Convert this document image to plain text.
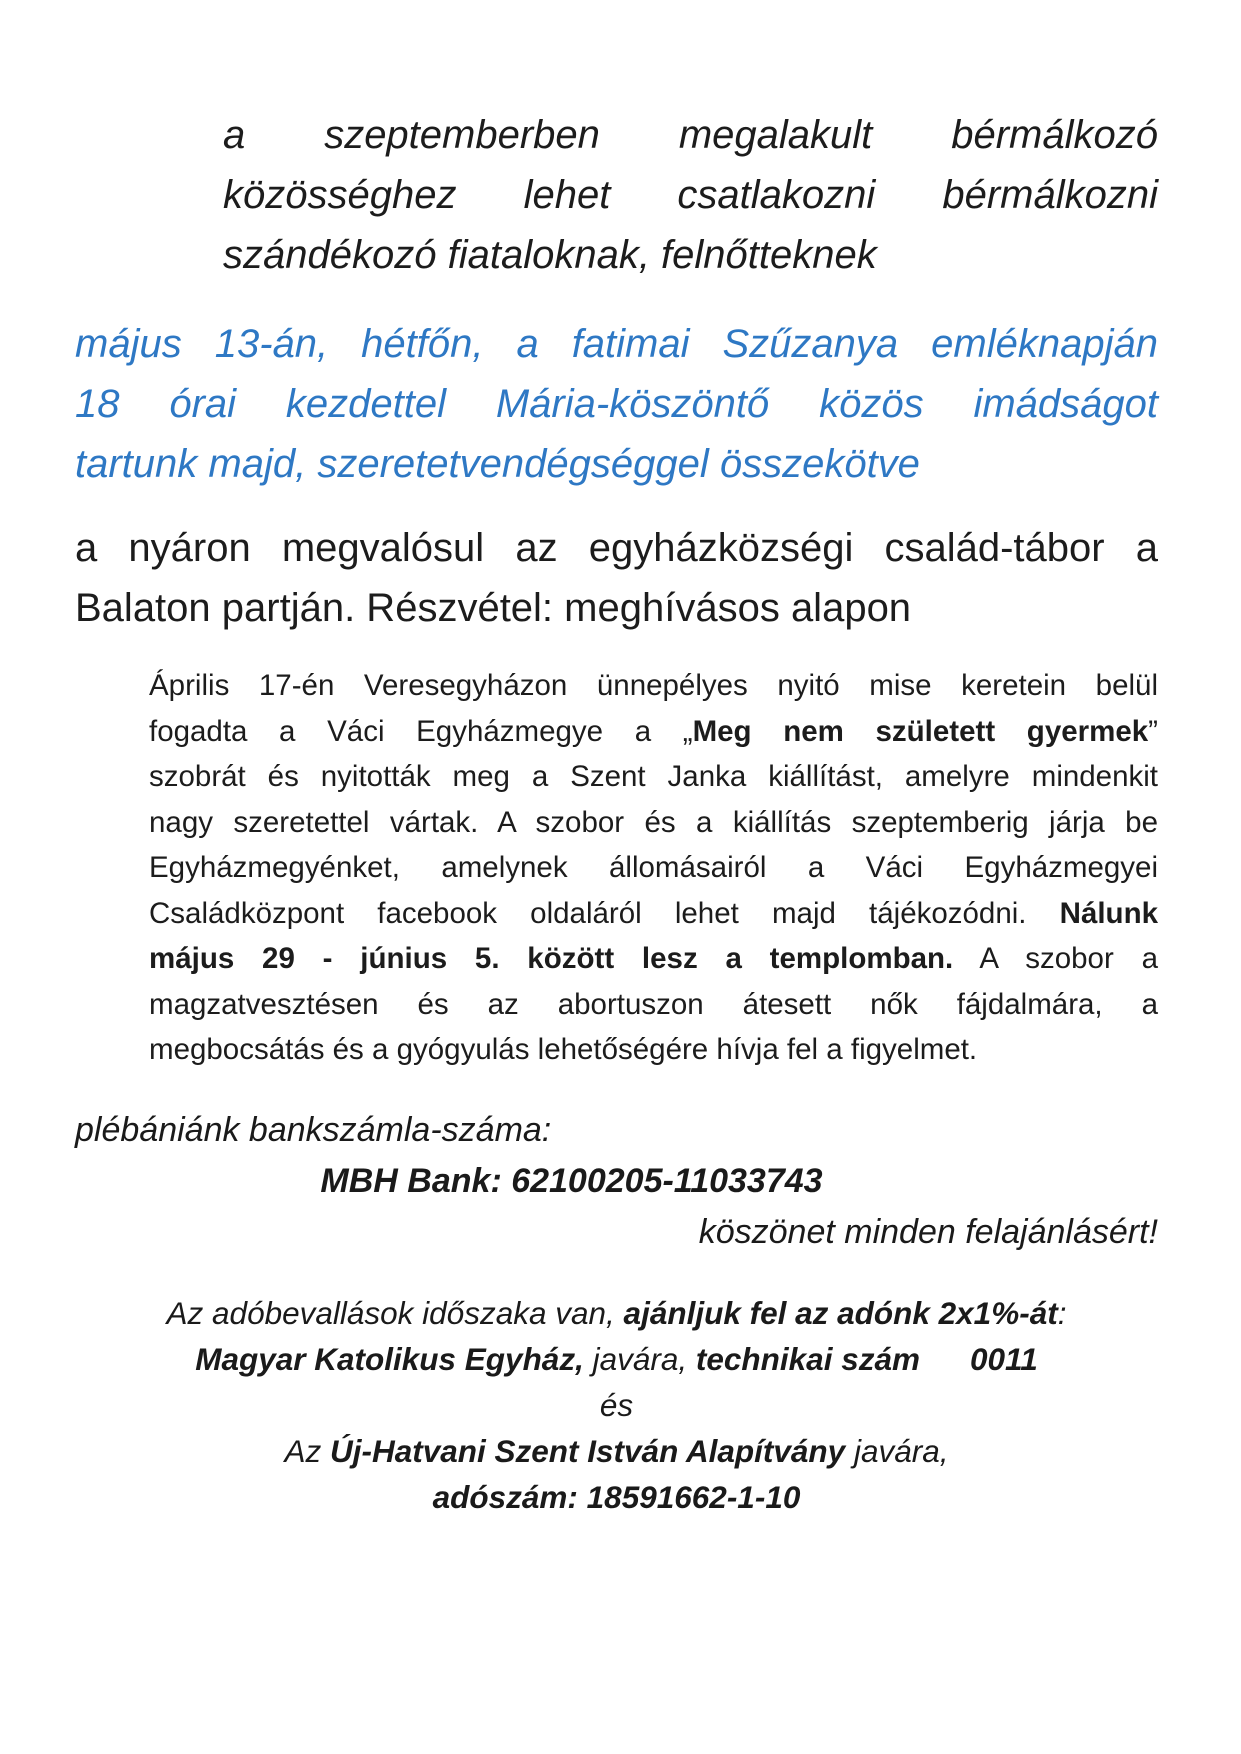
a szeptemberben megalakult bérmálkozó
közösséghez lehet csatlakozni bérmálkozni
szándékozó fiataloknak, felnőtteknek
május 13-án, hétfőn, a fatimai Szűzanya emléknapján
18 órai kezdettel Mária-köszöntő közös imádságot
tartunk majd, szeretetvendégséggel összekötve
a nyáron megvalósul az egyházközségi család-tábor a
Balaton partján. Részvétel: meghívásos alapon
Április 17-én Veresegyházon ünnepélyes nyitó mise keretein belül
fogadta a Váci Egyházmegye a „Meg nem született gyermek”
szobrát és nyitották meg a Szent Janka kiállítást, amelyre mindenkit
nagy szeretettel vártak. A szobor és a kiállítás szeptemberig járja be
Egyházmegyénket, amelynek állomásairól a Váci Egyházmegyei
Családközpont facebook oldaláról lehet majd tájékozódni. Nálunk
május 29 - június 5. között lesz a templomban. A szobor a
magzatvesztésen és az abortuszon átesett nők fájdalmára, a
megbocsátás és a gyógyulás lehetőségére hívja fel a figyelmet.
plébániánk bankszámla-száma:
MBH Bank: 62100205-11033743
köszönet minden felajánlásért!
Az adóbevallások időszaka van, ajánljuk fel az adónk 2x1%-át:
Magyar Katolikus Egyház, javára, technikai szám 0011
és
Az Új-Hatvani Szent István Alapítvány javára,
adószám: 18591662-1-10
